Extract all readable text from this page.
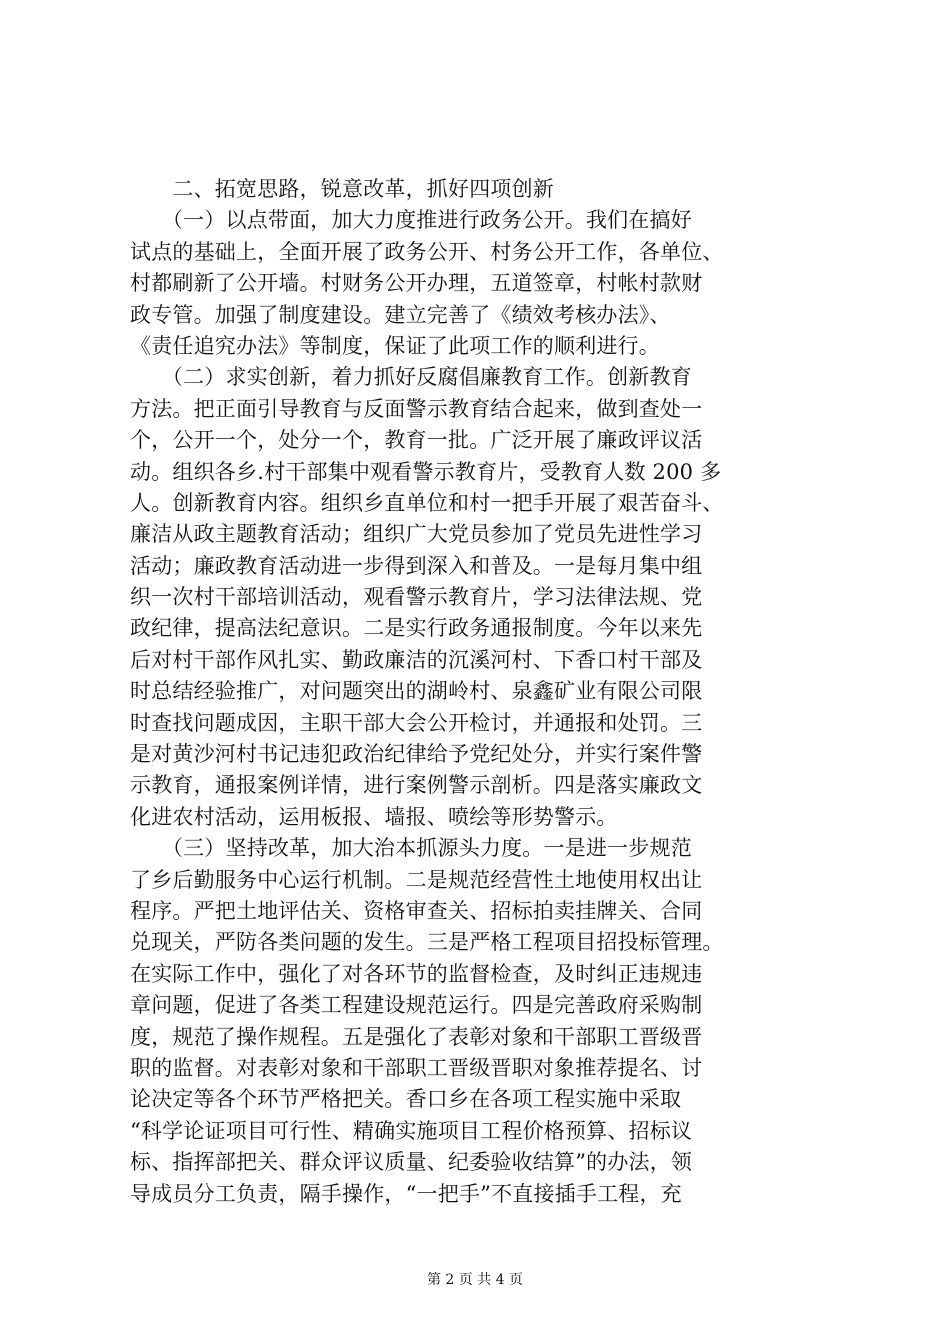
　　二、拓宽思路，锐意改革，抓好四项创新
　　（一）以点带面，加大力度推进行政务公开。我们在搞好
试点的基础上，全面开展了政务公开、村务公开工作，各单位、
村都刷新了公开墙。村财务公开办理，五道签章，村帐村款财
政专管。加强了制度建设。建立完善了《绩效考核办法》、
《责任追究办法》等制度，保证了此项工作的顺利进行。
　　（二）求实创新，着力抓好反腐倡廉教育工作。创新教育
方法。把正面引导教育与反面警示教育结合起来，做到查处一
个，公开一个，处分一个，教育一批。广泛开展了廉政评议活
动。组织各乡.村干部集中观看警示教育片，受教育人数 200 多
人。创新教育内容。组织乡直单位和村一把手开展了艰苦奋斗、
廉洁从政主题教育活动；组织广大党员参加了党员先进性学习
活动；廉政教育活动进一步得到深入和普及。一是每月集中组
织一次村干部培训活动，观看警示教育片，学习法律法规、党
政纪律，提高法纪意识。二是实行政务通报制度。今年以来先
后对村干部作风扎实、勤政廉洁的沉溪河村、下香口村干部及
时总结经验推广，对问题突出的湖岭村、泉鑫矿业有限公司限
时查找问题成因，主职干部大会公开检讨，并通报和处罚。三
是对黄沙河村书记违犯政治纪律给予党纪处分，并实行案件警
示教育，通报案例详情，进行案例警示剖析。四是落实廉政文
化进农村活动，运用板报、墙报、喷绘等形势警示。
　　（三）坚持改革，加大治本抓源头力度。一是进一步规范
了乡后勤服务中心运行机制。二是规范经营性土地使用权出让
程序。严把土地评估关、资格审查关、招标拍卖挂牌关、合同
兑现关，严防各类问题的发生。三是严格工程项目招投标管理。
在实际工作中，强化了对各环节的监督检查，及时纠正违规违
章问题，促进了各类工程建设规范运行。四是完善政府采购制
度，规范了操作规程。五是强化了表彰对象和干部职工晋级晋
职的监督。对表彰对象和干部职工晋级晋职对象推荐提名、讨
论决定等各个环节严格把关。香口乡在各项工程实施中采取
“科学论证项目可行性、精确实施项目工程价格预算、招标议
标、指挥部把关、群众评议质量、纪委验收结算”的办法，领
导成员分工负责，隔手操作，“一把手”不直接插手工程，充
第 2 页 共 4 页
